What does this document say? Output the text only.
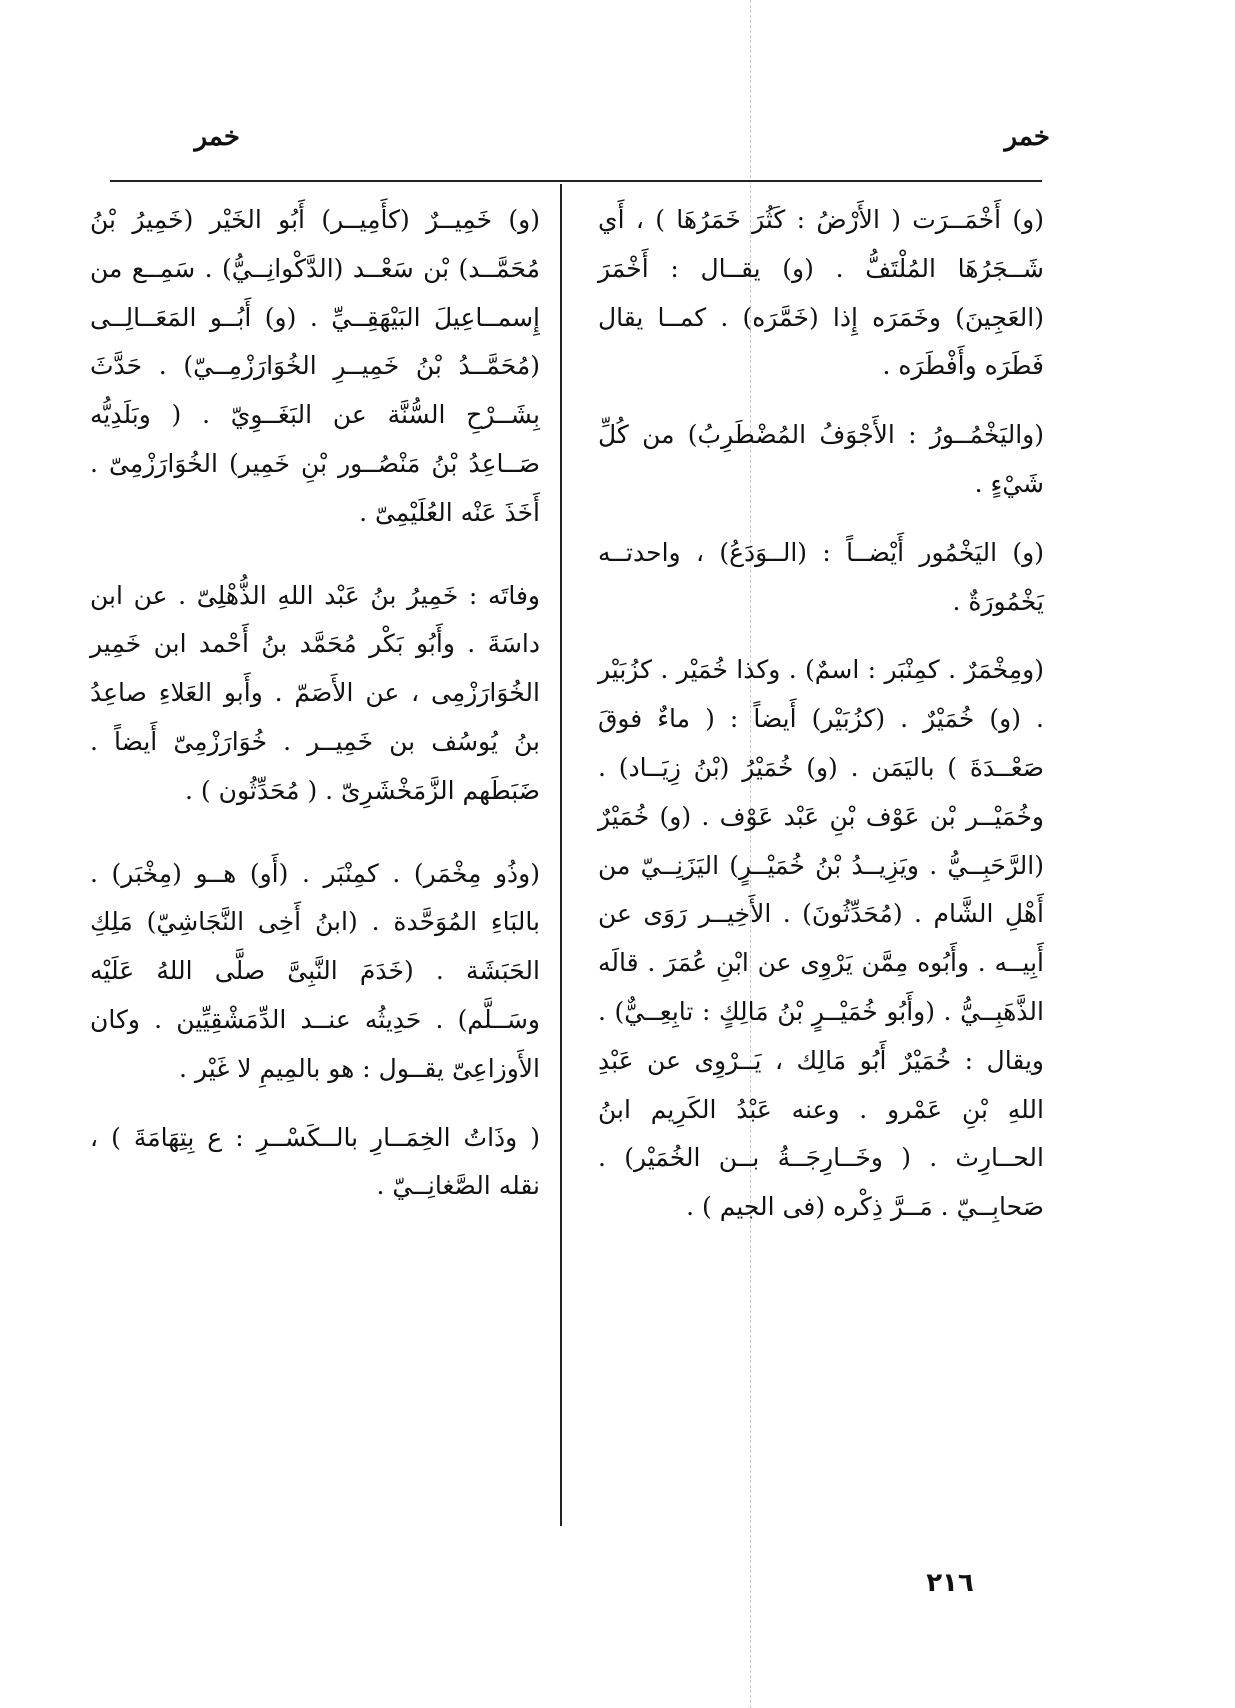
خمر
خمر

(و) أَخْمَــرَت ( الأَرْضُ : كَثُرَ خَمَرُهَا ) ، أَي شَــجَرُهَا المُلْتَفُّ . (و) يقــال : أَخْمَرَ (العَجِينَ) وخَمَرَه إِذا (خَمَّرَه) . كمــا يقال فَطَرَه وأَفْطَرَه .

(واليَخْمُــورُ : الأَجْوَفُ المُضْطَرِبُ) من كُلِّ شَيْءٍ .

(و) اليَخْمُور أَيْضــاً : (الــوَدَعُ) ، واحدتــه يَخْمُورَةٌ .

(ومِخْمَرٌ . كمِنْبَر : اسمٌ) . وكذا خُمَيْر . كزُبَيْر . (و) خُمَيْرٌ . (كزُبَيْر) أَيضاً : ( ماءٌ فوقَ صَعْــدَةَ ) باليَمَن . (و) خُمَيْرُ (بْنُ زِيَــاد) . وخُمَيْــر بْن عَوْف بْنِ عَبْد عَوْف . (و) خُمَيْرٌ (الرَّحَبِــيُّ . ويَزِيــدُ بْنُ خُمَيْــرٍ) اليَزَنِــيّ من أَهْلِ الشَّام . (مُحَدِّثُونَ) . الأَخِيــر رَوَى عن أَبِيــه . وأَبُوه مِمَّن يَرْوِى عن ابْنِ عُمَرَ . قالَه الذَّهَبِــيُّ . (وأَبُو خُمَيْــرٍ بْنُ مَالِكٍ : تابِعِــيٌّ) . ويقال : خُمَيْرٌ أَبُو مَالِك ، يَــرْوِى عن عَبْدِ اللهِ بْنِ عَمْرو . وعنه عَبْدُ الكَرِيم ابنُ الحــارِث . ( وخَــارِجَــةُ بــن الخُمَيْر) . صَحابِــيّ . مَــرَّ ذِكْره (فى الجيم ) .

(و) خَمِيــرٌ (كأَمِيــر) أَبُو الخَيْر (خَمِيرُ بْنُ مُحَمَّــد) بْن سَعْــد (الدَّكْوانِــيُّ) . سَمِــع من إِسمــاعِيلَ البَيْهَقِــيِّ . (و) أَبُــو المَعَــالِــى (مُحَمَّــدُ بْنُ خَمِيــرِ الخُوَارَزْمِــيّ) . حَدَّثَ بِشَــرْحِ السُّنَّة عن البَغَــوِيّ . ( وبَلَدِيُّه صَــاعِدُ بْنُ مَنْصُــور بْنِ خَمِير) الخُوَارَزْمِىّ . أَخَذَ عَنْه العُلَيْمِىّ .

وفاتَه : خَمِيرُ بنُ عَبْد اللهِ الذُّهْلِىّ . عن ابن داسَةَ . وأَبُو بَكْر مُحَمَّد بنُ أَحْمد ابن خَمِير الخُوَارَزْمِى ، عن الأَصَمّ . وأَبو العَلاءِ صاعِدُ بنُ يُوسُف بن خَمِيــر . خُوَارَزْمِىّ أَيضاً . ضَبَطَهم الزَّمَخْشَرِىّ . ( مُحَدِّثُون ) .

(وذُو مِخْمَر) . كمِنْبَر . (أَو) هــو (مِخْبَر) . بالبَاءِ المُوَحَّدة . (ابنُ أَخِى النَّجَاشِيّ) مَلِكِ الحَبَشَة . (خَدَمَ النَّبِىَّ صلَّى اللهُ عَلَيْه وسَــلَّم) . حَدِيثُه عنــد الدِّمَشْقِيِّين . وكان الأَوزاعِىّ يقــول : هو بالمِيمِ لا غَيْر .

( وذَاتُ الخِمَــارِ بالــكَسْــرِ : ع بِتِهَامَةَ ) ، نقله الصَّغانِــيّ .

٢١٦
